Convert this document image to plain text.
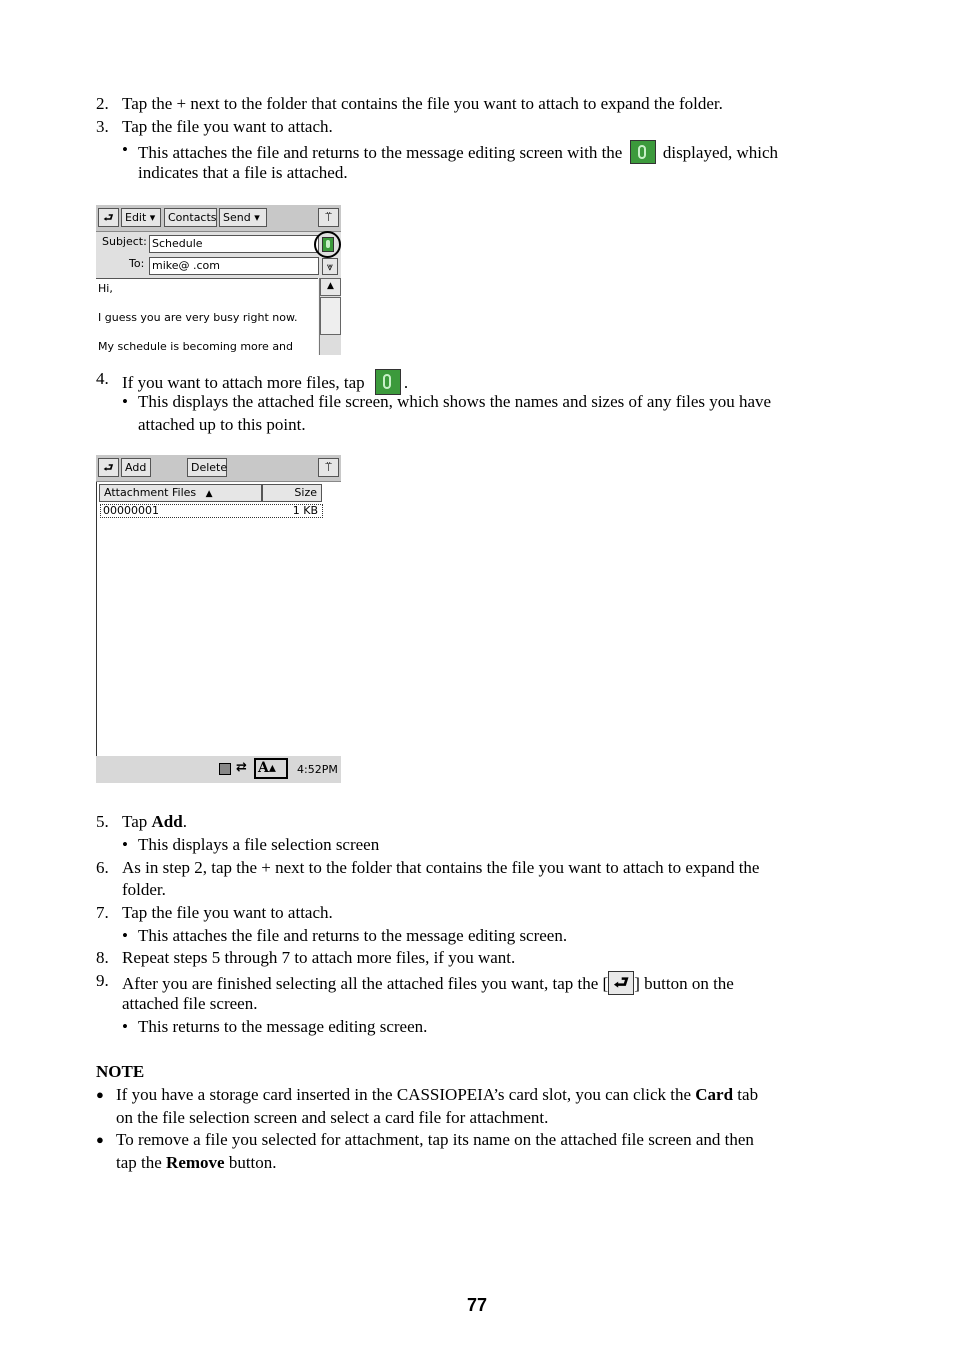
2. Tap the + next to the folder that contains the file you want to attach to expand the folder.
3. Tap the file you want to attach.
• This attaches the file and returns to the message editing screen with the displayed, which
indicates that a file is attached.
⮐	Edit ▾	Contacts Send ▾	⍡
Subject: Schedule
To: mike@ .com	⩔
Hi,
I guess you are very busy right now.
My schedule is becoming more and
▲
4. If you want to attach more files, tap .
• This displays the attached file screen, which shows the names and sizes of any files you have
attached up to this point.
⮐	Add	Delete	⍡
Attachment Files ▲	Size
00000001	1 KB
⇄ A▴	4:52PM
5. Tap Add.
• This displays a file selection screen
6. As in step 2, tap the + next to the folder that contains the file you want to attach to expand the
folder.
7. Tap the file you want to attach.
• This attaches the file and returns to the message editing screen.
8. Repeat steps 5 through 7 to attach more files, if you want.
9. After you are finished selecting all the attached files you want, tap the [ ⮐ ] button on the
attached file screen.
• This returns to the message editing screen.
NOTE
● If you have a storage card inserted in the CASSIOPEIA’s card slot, you can click the Card tab
on the file selection screen and select a card file for attachment.
● To remove a file you selected for attachment, tap its name on the attached file screen and then
tap the Remove button.
77
